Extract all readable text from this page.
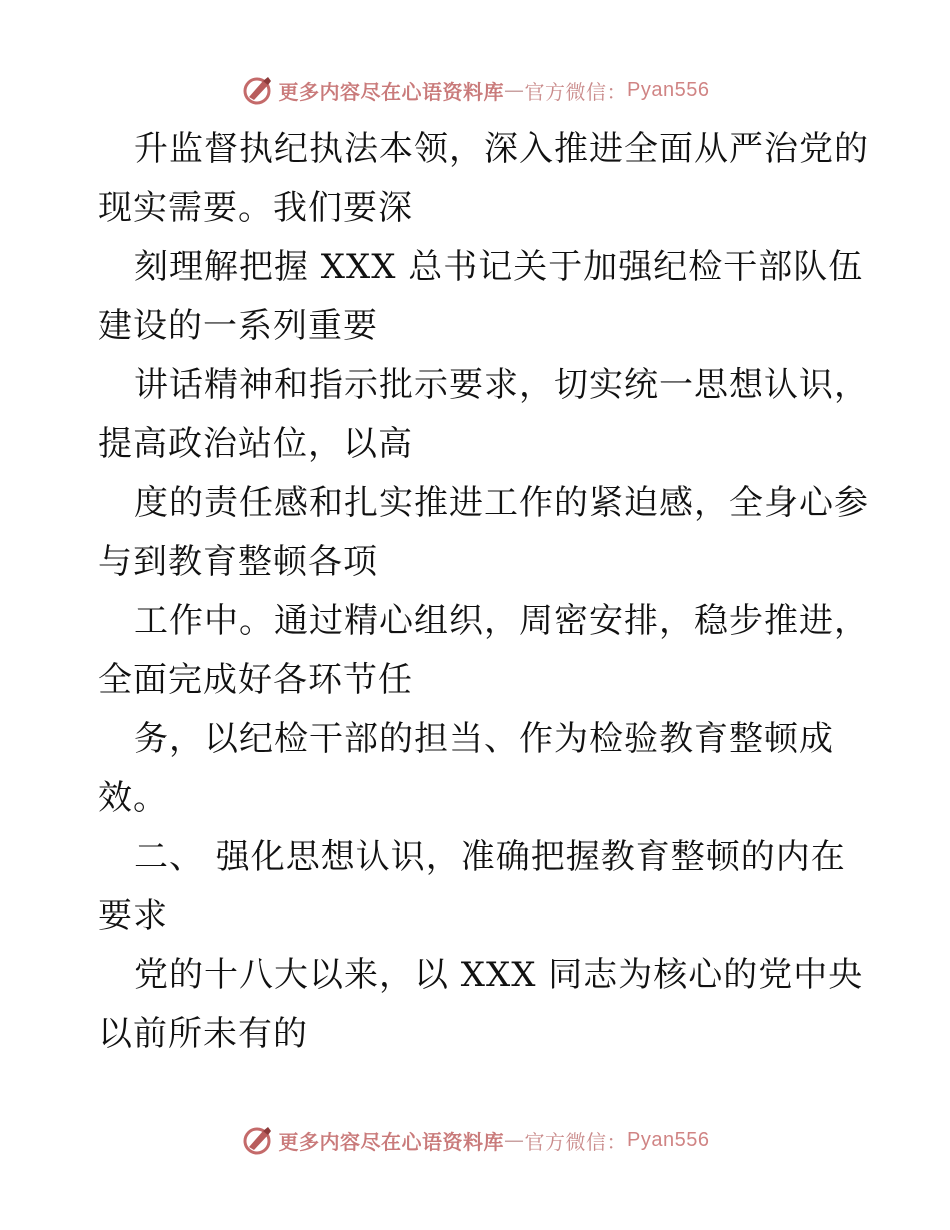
更多内容尽在心语资料库 — 官方微信： Pyan556
升监督执纪执法本领，深入推进全面从严治党的
现实需要。我们要深
刻理解把握 XXX 总书记关于加强纪检干部队伍
建设的一系列重要
讲话精神和指示批示要求，切实统一思想认识，
提高政治站位，以高
度的责任感和扎实推进工作的紧迫感，全身心参
与到教育整顿各项
工作中。通过精心组织，周密安排，稳步推进，
全面完成好各环节任
务，以纪检干部的担当、作为检验教育整顿成
效。
二、 强化思想认识，准确把握教育整顿的内在
要求
党的十八大以来，以 XXX 同志为核心的党中央
以前所未有的
更多内容尽在心语资料库 — 官方微信： Pyan556
